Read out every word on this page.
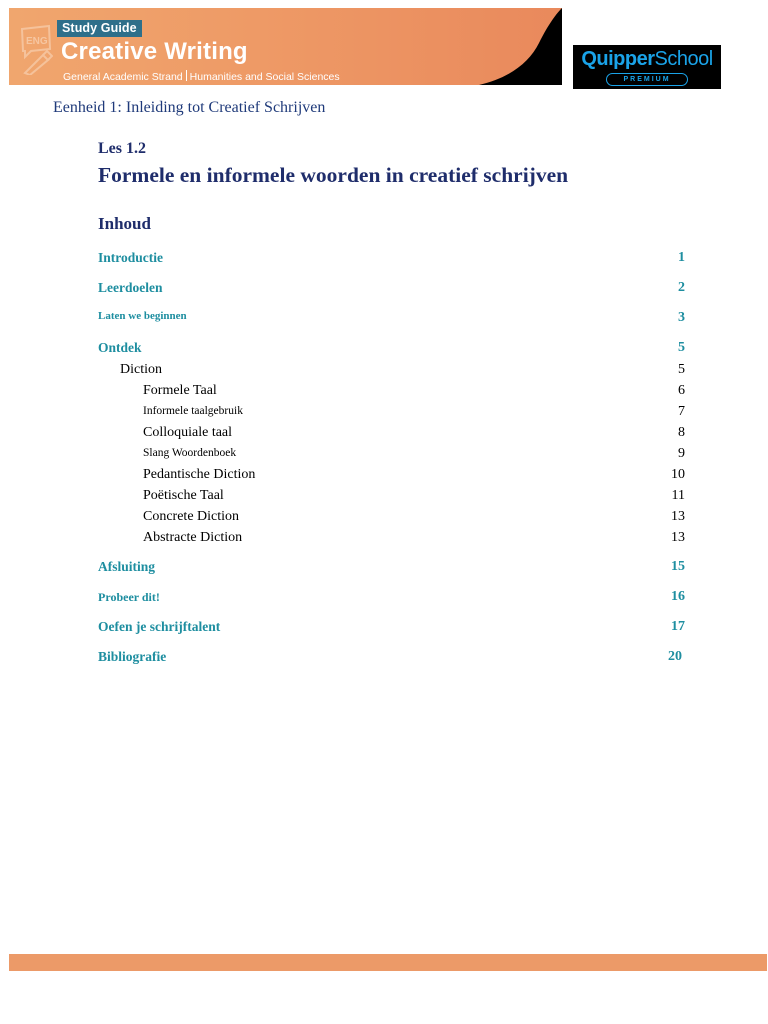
ENG
Study Guide
Creative Writing
General Academic Strand Humanities and Social Sciences
QuipperSchool
PREMIUM
Eenheid 1: Inleiding tot Creatief Schrijven
Les 1.2
Formele en informele woorden in creatief schrijven
Inhoud
Introductie	1
Leerdoelen	2
Laten we beginnen	3
Ontdek	5
Diction	5
Formele Taal	6
Informele taalgebruik	7
Colloquiale taal	8
Slang Woordenboek	9
Pedantische Diction	10
Poëtische Taal	11
Concrete Diction	13
Abstracte Diction	13
Afsluiting	15
Probeer dit!	16
Oefen je schrijftalent	17
Bibliografie	20
